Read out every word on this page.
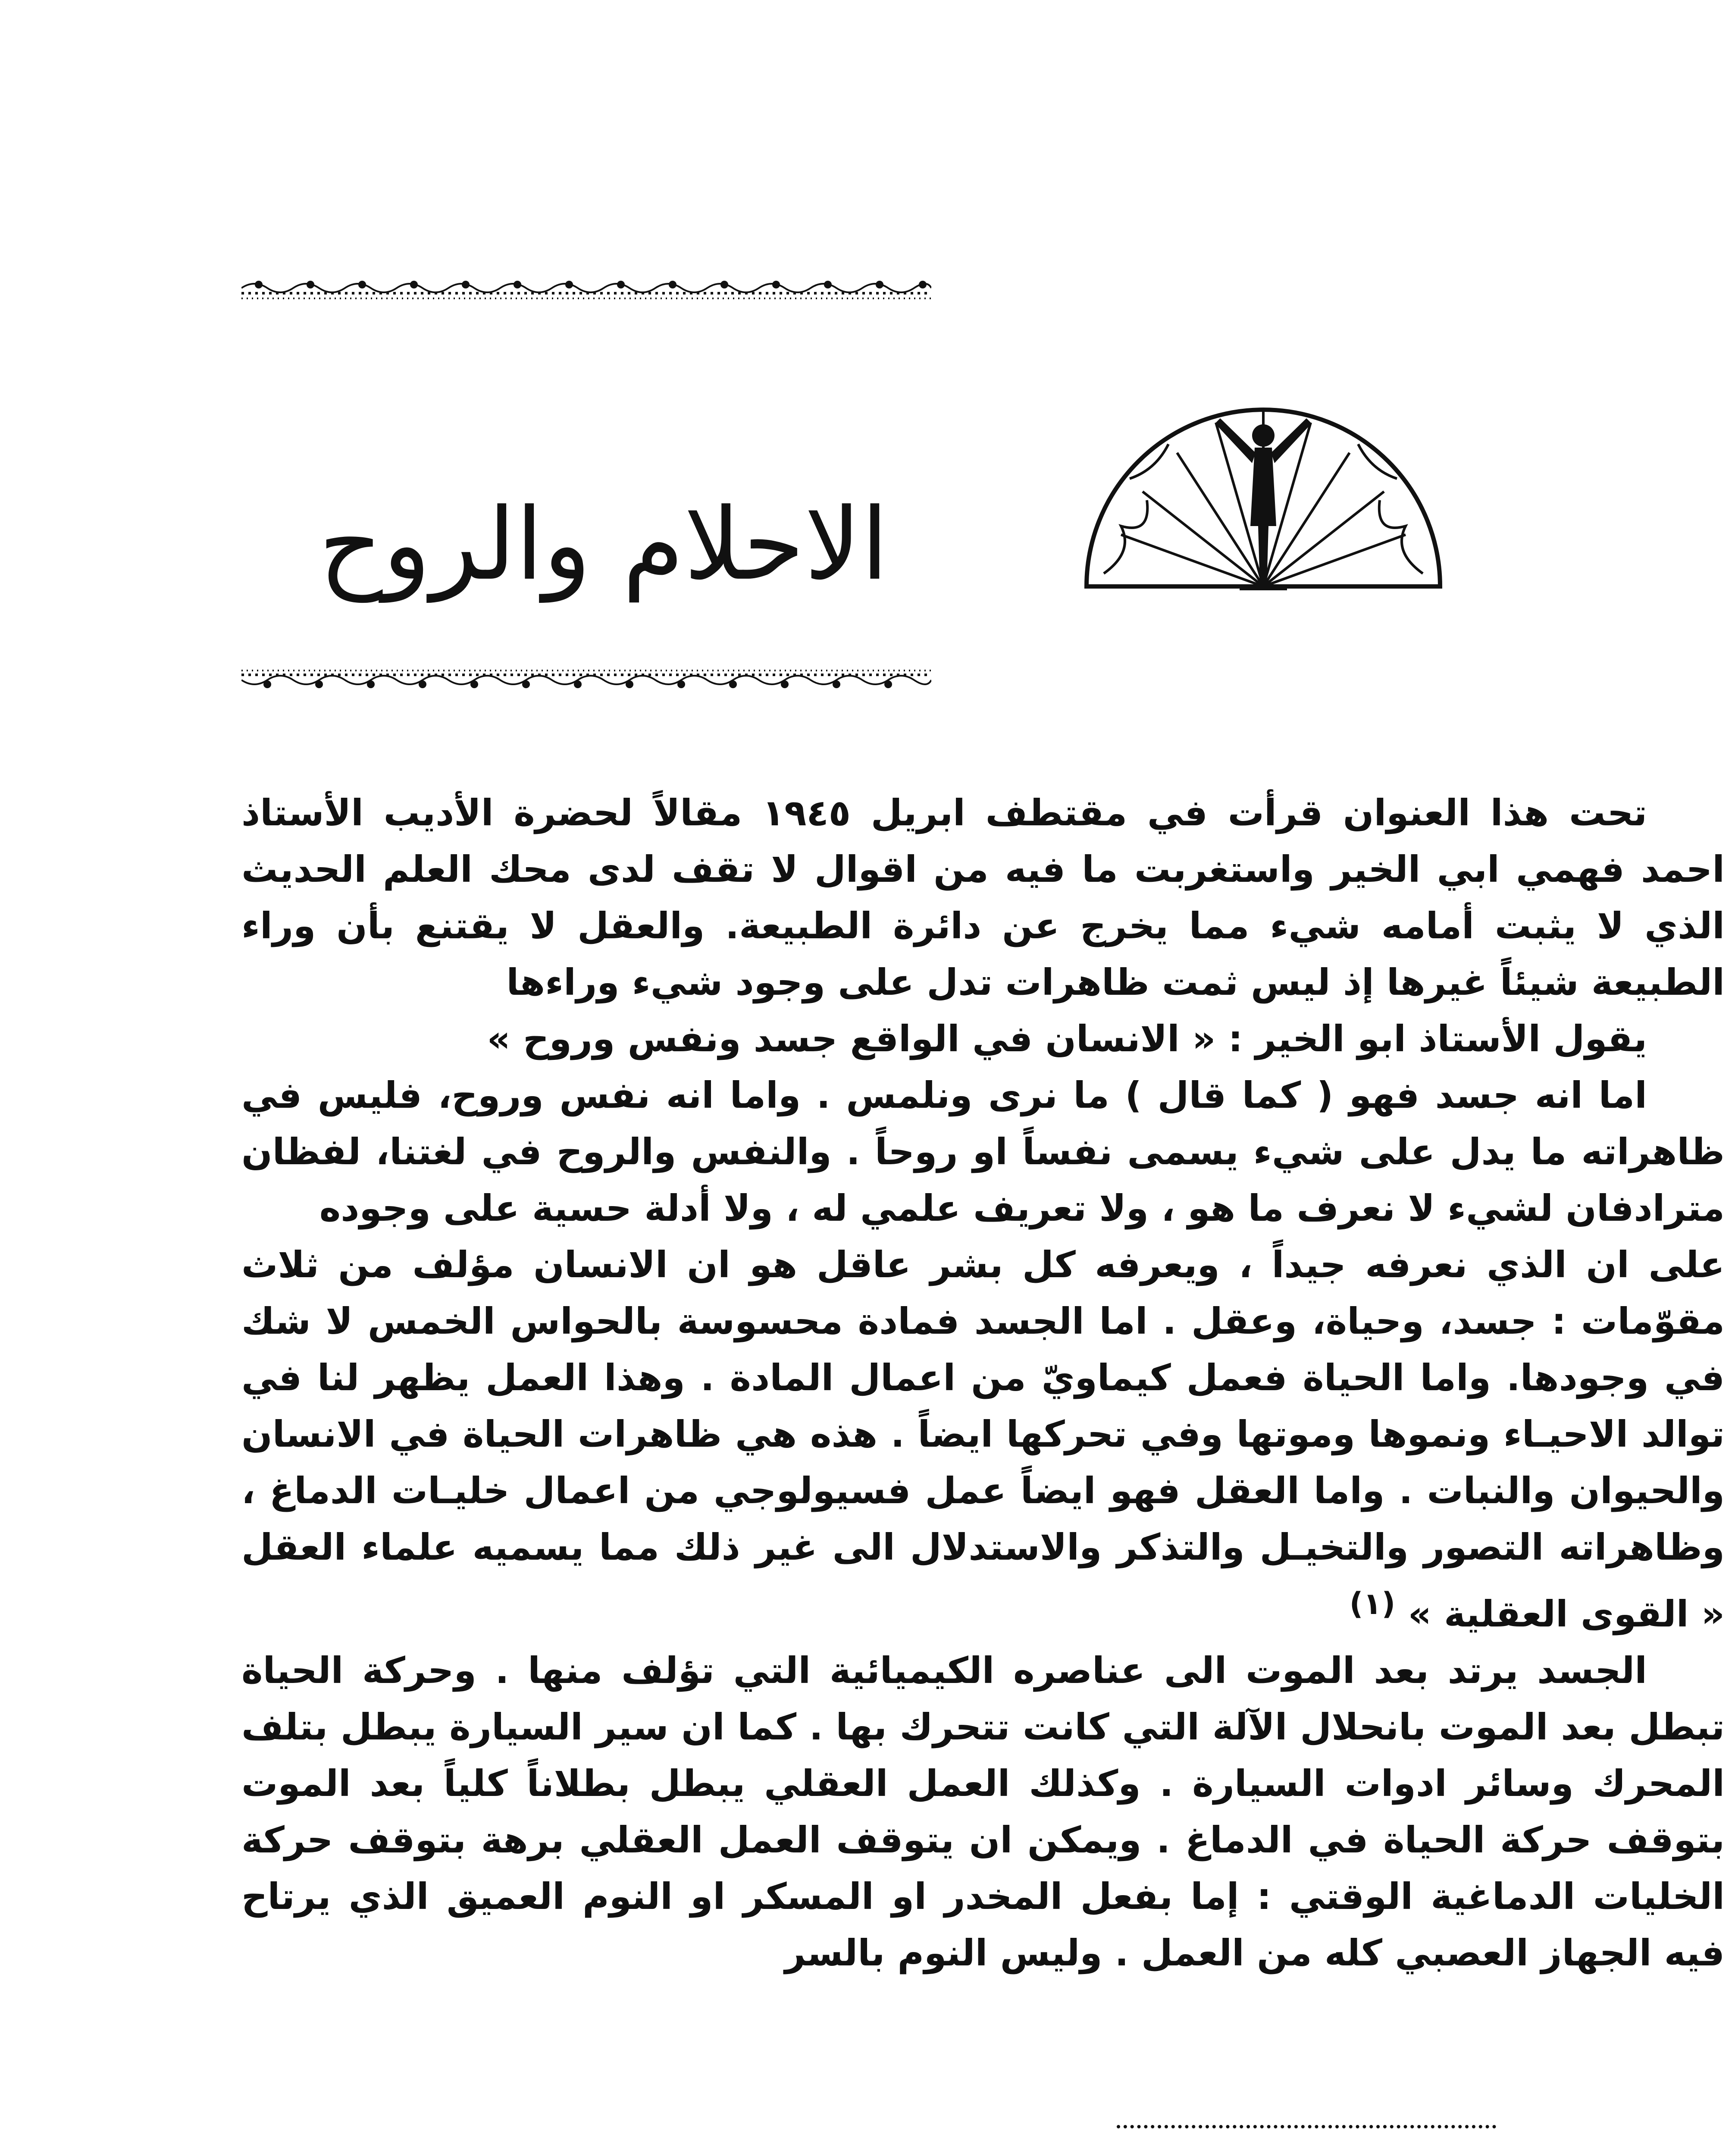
الاحلام والروح

تحت هذا العنوان قرأت في مقتطف ابريل ١٩٤٥ مقالاً لحضرة الأديب الأستاذ احمد فهمي ابي الخير واستغربت ما فيه من اقوال لا تقف لدى محك العلم الحديث الذي لا يثبت أمامه شيء مما يخرج عن دائرة الطبيعة. والعقل لا يقتنع بأن وراء الطبيعة شيئاً غيرها إذ ليس ثمت ظاهرات تدل على وجود شيء وراءها

يقول الأستاذ ابو الخير : « الانسان في الواقع جسد ونفس وروح »

اما انه جسد فهو ( كما قال ) ما نرى ونلمس . واما انه نفس وروح، فليس في ظاهراته ما يدل على شيء يسمى نفساً او روحاً . والنفس والروح في لغتنا، لفظان مترادفان لشيء لا نعرف ما هو ، ولا تعريف علمي له ، ولا أدلة حسية على وجوده

على ان الذي نعرفه جيداً ، ويعرفه كل بشر عاقل هو ان الانسان مؤلف من ثلاث مقوّمات : جسد، وحياة، وعقل . اما الجسد فمادة محسوسة بالحواس الخمس لا شك في وجودها. واما الحياة فعمل كيماويّ من اعمال المادة . وهذا العمل يظهر لنا في توالد الاحيـاء ونموها وموتها وفي تحركها ايضاً . هذه هي ظاهرات الحياة في الانسان والحيوان والنبات . واما العقل فهو ايضاً عمل فسيولوجي من اعمال خليـات الدماغ ، وظاهراته التصور والتخيـل والتذكر والاستدلال الى غير ذلك مما يسميه علماء العقل « القوى العقلية » $^{(١)}$

الجسد يرتد بعد الموت الى عناصره الكيميائية التي تؤلف منها . وحركة الحياة تبطل بعد الموت بانحلال الآلة التي كانت تتحرك بها . كما ان سير السيارة يبطل بتلف المحرك وسائر ادوات السيارة . وكذلك العمل العقلي يبطل بطلاناً كلياً بعد الموت بتوقف حركة الحياة في الدماغ . ويمكن ان يتوقف العمل العقلي برهة بتوقف حركة الخليات الدماغية الوقتي : إما بفعل المخدر او المسكر او النوم العميق الذي يرتاح فيه الجهاز العصبي كله من العمل . وليس النوم بالسر
